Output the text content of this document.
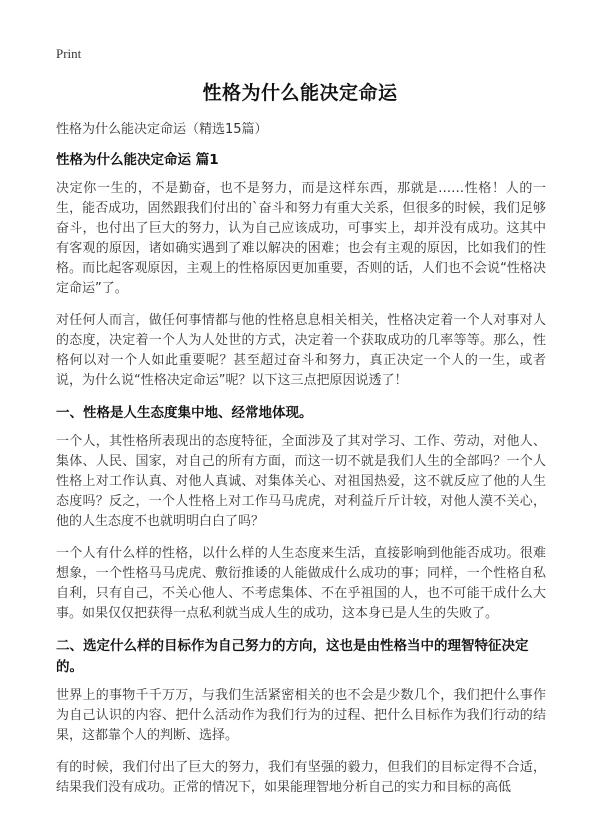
Print
性格为什么能决定命运
性格为什么能决定命运（精选15篇）
性格为什么能决定命运 篇1

决定你一生的，不是勤奋，也不是努力，而是这样东西，那就是……性格！人的一生，能否成功，固然跟我们付出的`奋斗和努力有重大关系，但很多的时候，我们足够奋斗，也付出了巨大的努力，认为自己应该成功，可事实上，却并没有成功。这其中有客观的原因，诸如确实遇到了难以解决的困难；也会有主观的原因，比如我们的性格。而比起客观原因，主观上的性格原因更加重要，否则的话，人们也不会说“性格决定命运”了。

对任何人而言，做任何事情都与他的性格息息相关相关，性格决定着一个人对事对人的态度，决定着一个人为人处世的方式，决定着一个获取成功的几率等等。那么，性格何以对一个人如此重要呢？甚至超过奋斗和努力，真正决定一个人的一生，或者说，为什么说“性格决定命运”呢？以下这三点把原因说透了！

一、性格是人生态度集中地、经常地体现。

一个人，其性格所表现出的态度特征，全面涉及了其对学习、工作、劳动，对他人、集体、人民、国家，对自己的所有方面，而这一切不就是我们人生的全部吗？一个人性格上对工作认真、对他人真诚、对集体关心、对祖国热爱，这不就反应了他的人生态度吗？反之，一个人性格上对工作马马虎虎，对利益斤斤计较，对他人漠不关心，他的人生态度不也就明明白白了吗？

一个人有什么样的性格，以什么样的人生态度来生活，直接影响到他能否成功。很难想象，一个性格马马虎虎、敷衍推诿的人能做成什么成功的事；同样，一个性格自私自利，只有自己，不关心他人、不考虑集体、不在乎祖国的人，也不可能干成什么大事。如果仅仅把获得一点私利就当成人生的成功，这本身已是人生的失败了。

二、选定什么样的目标作为自己努力的方向，这也是由性格当中的理智特征决定的。

世界上的事物千千万万，与我们生活紧密相关的也不会是少数几个，我们把什么事作为自己认识的内容、把什么活动作为我们行为的过程、把什么目标作为我们行动的结果，这都靠个人的判断、选择。

有的时候，我们付出了巨大的努力，我们有坚强的毅力，但我们的目标定得不合适，结果我们没有成功。正常的情况下，如果能理智地分析自己的实力和目标的高低
